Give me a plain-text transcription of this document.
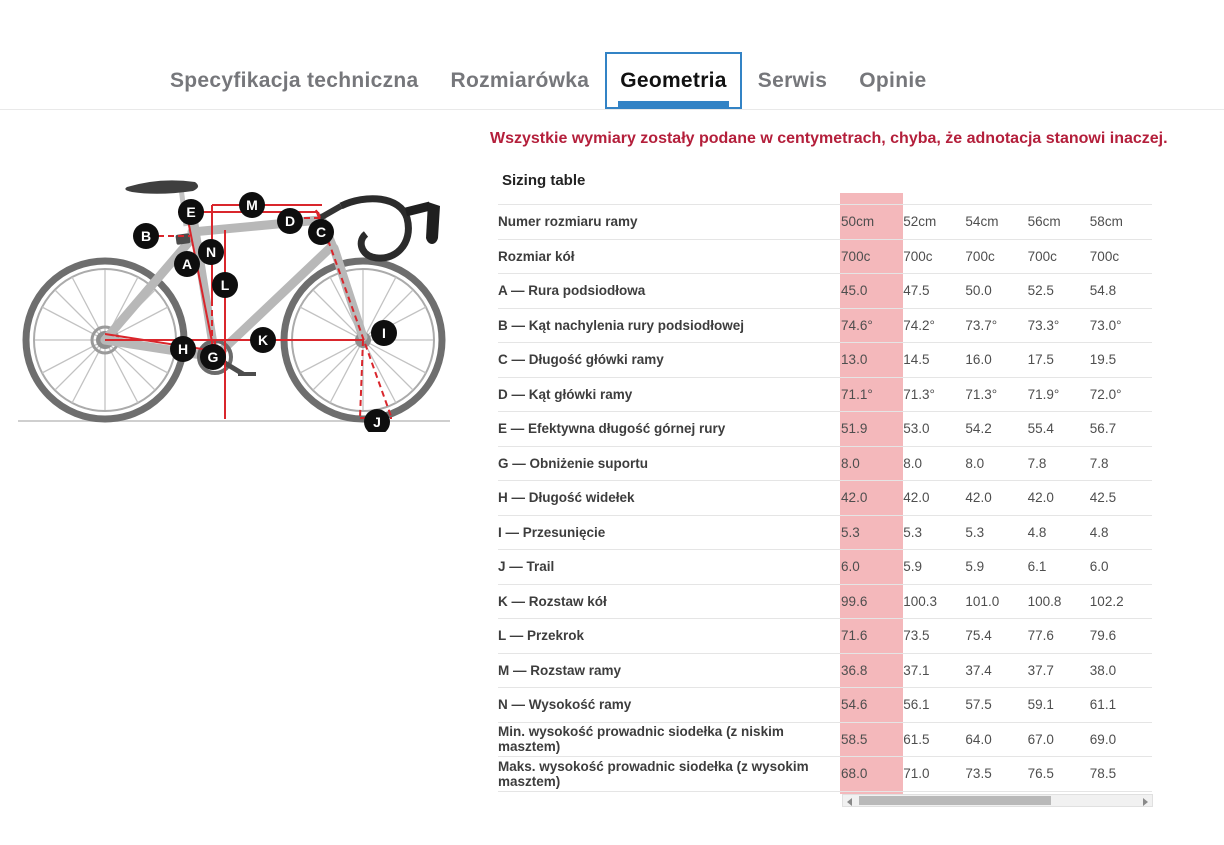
Specyfikacja techniczna Rozmiarówka Geometria Serwis Opinie
Wszystkie wymiary zostały podane w centymetrach, chyba, że adnotacja stanowi inaczej.
Sizing table
Numer rozmiaru ramy	50cm	52cm	54cm	56cm	58cm
Rozmiar kół	700c	700c	700c	700c	700c
A — Rura podsiodłowa	45.0	47.5	50.0	52.5	54.8
B — Kąt nachylenia rury podsiodłowej	74.6°	74.2°	73.7°	73.3°	73.0°
C — Długość główki ramy	13.0	14.5	16.0	17.5	19.5
D — Kąt główki ramy	71.1°	71.3°	71.3°	71.9°	72.0°
E — Efektywna długość górnej rury	51.9	53.0	54.2	55.4	56.7
G — Obniżenie suportu	8.0	8.0	8.0	7.8	7.8
H — Długość widełek	42.0	42.0	42.0	42.0	42.5
I — Przesunięcie	5.3	5.3	5.3	4.8	4.8
J — Trail	6.0	5.9	5.9	6.1	6.0
K — Rozstaw kół	99.6	100.3	101.0	100.8	102.2
L — Przekrok	71.6	73.5	75.4	77.6	79.6
M — Rozstaw ramy	36.8	37.1	37.4	37.7	38.0
N — Wysokość ramy	54.6	56.1	57.5	59.1	61.1
Min. wysokość prowadnic siodełka (z niskim masztem)	58.5	61.5	64.0	67.0	69.0
Maks. wysokość prowadnic siodełka (z wysokim masztem)	68.0	71.0	73.5	76.5	78.5
A
B	C
D
E
G
H
I
J
K
L
M
N
